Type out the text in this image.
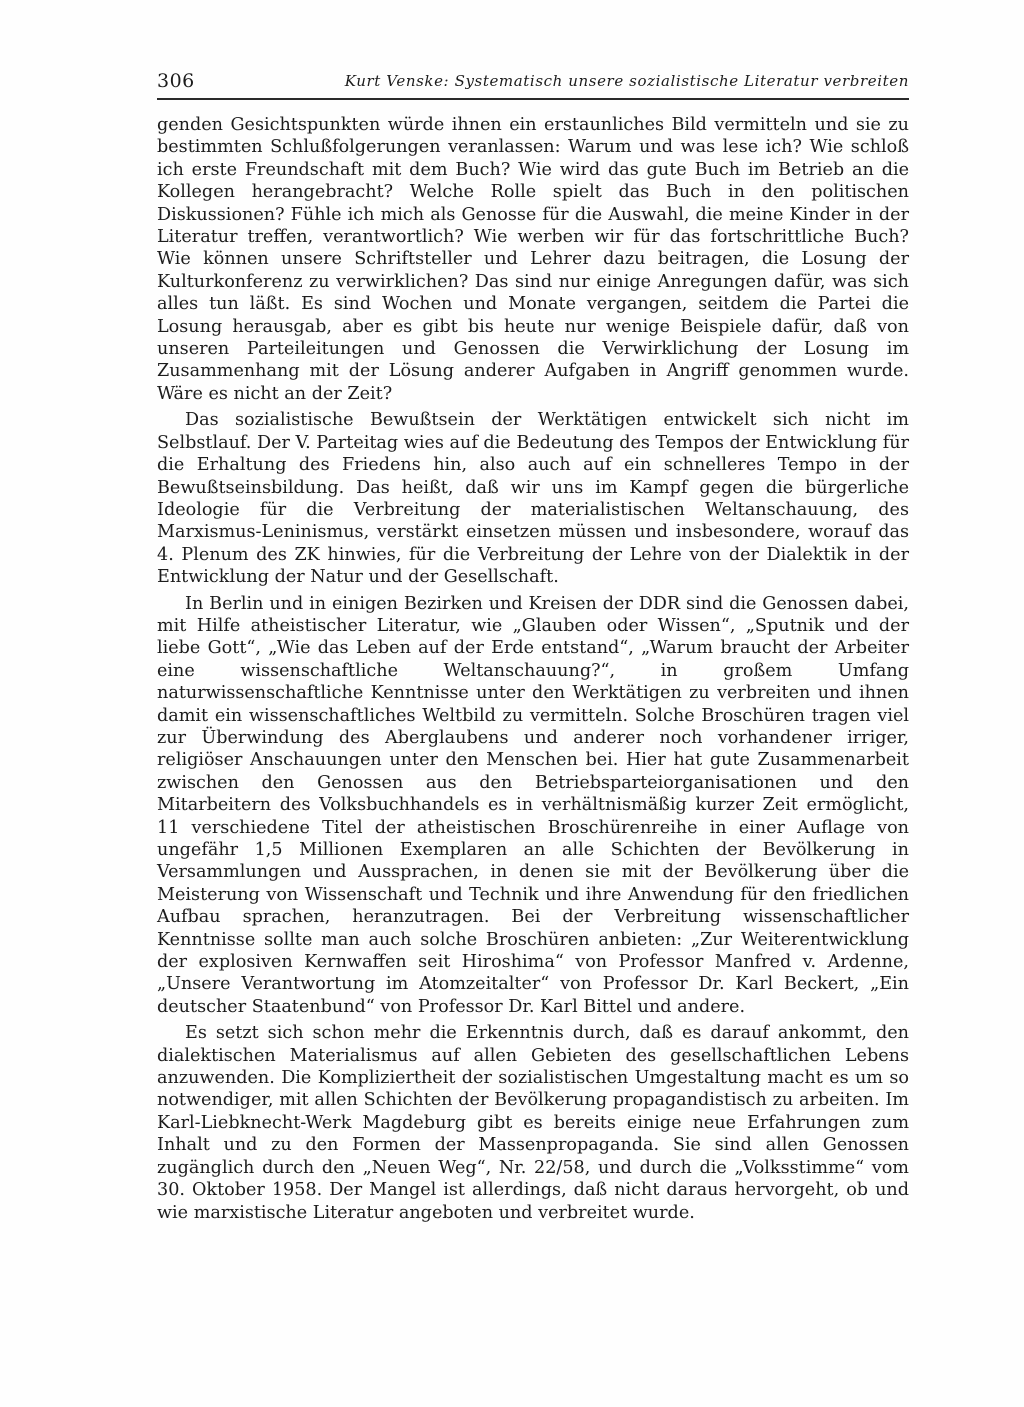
306	Kurt Venske: Systematisch unsere sozialistische Literatur verbreiten

genden Gesichtspunkten würde ihnen ein erstaunliches Bild vermitteln und sie zu bestimmten Schlußfolgerungen veranlassen: Warum und was lese ich? Wie schloß ich erste Freundschaft mit dem Buch? Wie wird das gute Buch im Betrieb an die Kollegen herangebracht? Welche Rolle spielt das Buch in den politischen Diskussionen? Fühle ich mich als Genosse für die Auswahl, die meine Kinder in der Literatur treffen, verantwortlich? Wie werben wir für das fortschrittliche Buch? Wie können unsere Schriftsteller und Lehrer dazu beitragen, die Losung der Kulturkonferenz zu verwirklichen? Das sind nur einige Anregungen dafür, was sich alles tun läßt. Es sind Wochen und Monate vergangen, seitdem die Partei die Losung herausgab, aber es gibt bis heute nur wenige Beispiele dafür, daß von unseren Parteileitungen und Genossen die Verwirklichung der Losung im Zusammenhang mit der Lösung anderer Aufgaben in Angriff genommen wurde. Wäre es nicht an der Zeit?

Das sozialistische Bewußtsein der Werktätigen entwickelt sich nicht im Selbstlauf. Der V. Parteitag wies auf die Bedeutung des Tempos der Entwicklung für die Erhaltung des Friedens hin, also auch auf ein schnelleres Tempo in der Bewußtseinsbildung. Das heißt, daß wir uns im Kampf gegen die bürgerliche Ideologie für die Verbreitung der materialistischen Weltanschauung, des Marxismus-Leninismus, verstärkt einsetzen müssen und insbesondere, worauf das 4. Plenum des ZK hinwies, für die Verbreitung der Lehre von der Dialektik in der Entwicklung der Natur und der Gesellschaft.

In Berlin und in einigen Bezirken und Kreisen der DDR sind die Genossen dabei, mit Hilfe atheistischer Literatur, wie „Glauben oder Wissen“, „Sputnik und der liebe Gott“, „Wie das Leben auf der Erde entstand“, „Warum braucht der Arbeiter eine wissenschaftliche Weltanschauung?“, in großem Umfang naturwissenschaftliche Kenntnisse unter den Werktätigen zu verbreiten und ihnen damit ein wissenschaftliches Weltbild zu vermitteln. Solche Broschüren tragen viel zur Überwindung des Aberglaubens und anderer noch vorhandener irriger, religiöser Anschauungen unter den Menschen bei. Hier hat gute Zusammenarbeit zwischen den Genossen aus den Betriebsparteiorganisationen und den Mitarbeitern des Volksbuchhandels es in verhältnismäßig kurzer Zeit ermöglicht, 11 verschiedene Titel der atheistischen Broschürenreihe in einer Auflage von ungefähr 1,5 Millionen Exemplaren an alle Schichten der Bevölkerung in Versammlungen und Aussprachen, in denen sie mit der Bevölkerung über die Meisterung von Wissenschaft und Technik und ihre Anwendung für den friedlichen Aufbau sprachen, heranzutragen. Bei der Verbreitung wissenschaftlicher Kenntnisse sollte man auch solche Broschüren anbieten: „Zur Weiterentwicklung der explosiven Kernwaffen seit Hiroshima“ von Professor Manfred v. Ardenne, „Unsere Verantwortung im Atomzeitalter“ von Professor Dr. Karl Beckert, „Ein deutscher Staatenbund“ von Professor Dr. Karl Bittel und andere.

Es setzt sich schon mehr die Erkenntnis durch, daß es darauf ankommt, den dialektischen Materialismus auf allen Gebieten des gesellschaftlichen Lebens anzuwenden. Die Kompliziertheit der sozialistischen Umgestaltung macht es um so notwendiger, mit allen Schichten der Bevölkerung propagandistisch zu arbeiten. Im Karl-Liebknecht-Werk Magdeburg gibt es bereits einige neue Erfahrungen zum Inhalt und zu den Formen der Massenpropaganda. Sie sind allen Genossen zugänglich durch den „Neuen Weg“, Nr. 22/58, und durch die „Volksstimme“ vom 30. Oktober 1958. Der Mangel ist allerdings, daß nicht daraus hervorgeht, ob und wie marxistische Literatur angeboten und verbreitet wurde.
